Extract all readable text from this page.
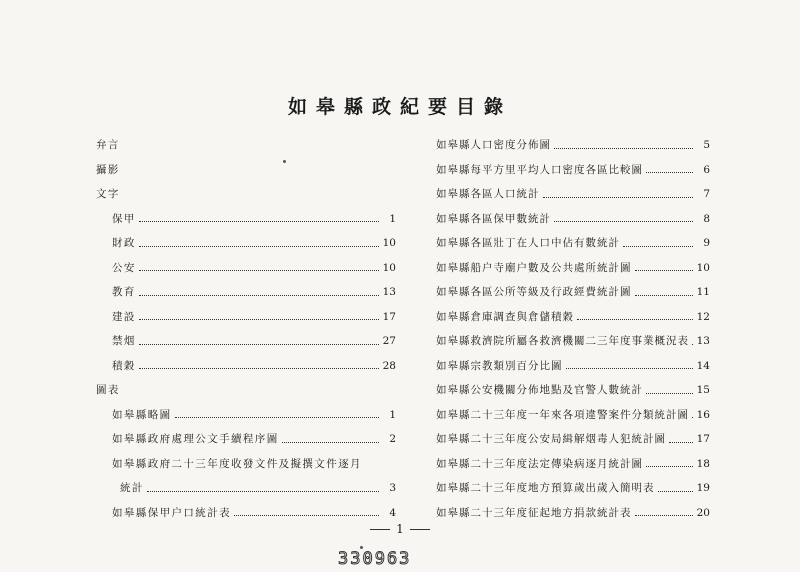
如皋縣政紀要目錄
弁言
攝影
文字
保甲	1
財政	10
公安	10
教育	13
建設	17
禁烟	27
積穀	28
圖表
如皋縣略圖	1
如皋縣政府處理公文手續程序圖	2
如皋縣政府二十三年度收發文件及擬撰文件逐月
統計	3
如皋縣保甲户口統計表	4
如皋縣人口密度分佈圖	5
如皋縣每平方里平均人口密度各區比較圖	6
如皋縣各區人口統計	7
如皋縣各區保甲數統計	8
如皋縣各區壯丁在人口中佔有數統計	9
如皋縣船户寺廟户數及公共處所統計圖	10
如皋縣各區公所等級及行政經費統計圖	11
如皋縣倉庫調查與倉儲積穀	12
如皋縣救濟院所屬各救濟機關二三年度事業概況表 13
如皋縣宗教類別百分比圖	14
如皋縣公安機關分佈地點及官警人數統計	15
如皋縣二十三年度一年來各項違警案件分類統計圖 16
如皋縣二十三年度公安局緝解烟毒人犯統計圖	17
如皋縣二十三年度法定傳染病逐月統計圖	18
如皋縣二十三年度地方預算歲出歲入簡明表	19
如皋縣二十三年度征起地方捐款統計表	20
1
330963
